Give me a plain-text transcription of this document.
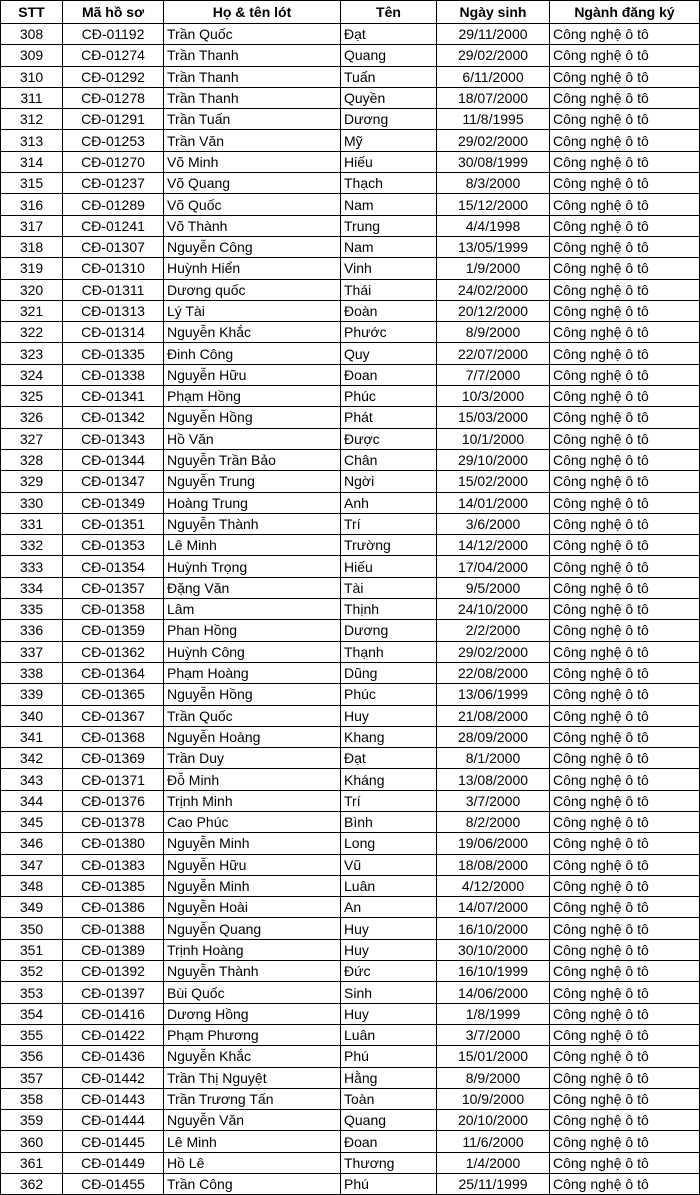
STT	Mã hồ sơ	Họ & tên lót	Tên	Ngày sinh	Ngành đăng ký
308	CĐ-01192	Trần Quốc	Đạt	29/11/2000	Công nghệ ô tô
309	CĐ-01274	Trần Thanh	Quang	29/02/2000	Công nghệ ô tô
310	CĐ-01292	Trần Thanh	Tuấn	6/11/2000	Công nghệ ô tô
311	CĐ-01278	Trần Thanh	Quyền	18/07/2000	Công nghệ ô tô
312	CĐ-01291	Trần Tuấn	Dương	11/8/1995	Công nghệ ô tô
313	CĐ-01253	Trần Văn	Mỹ	29/02/2000	Công nghệ ô tô
314	CĐ-01270	Võ Minh	Hiếu	30/08/1999	Công nghệ ô tô
315	CĐ-01237	Võ Quang	Thạch	8/3/2000	Công nghệ ô tô
316	CĐ-01289	Võ Quốc	Nam	15/12/2000	Công nghệ ô tô
317	CĐ-01241	Võ Thành	Trung	4/4/1998	Công nghệ ô tô
318	CĐ-01307	Nguyễn Công	Nam	13/05/1999	Công nghệ ô tô
319	CĐ-01310	Huỳnh Hiển	Vinh	1/9/2000	Công nghệ ô tô
320	CĐ-01311	Dương quốc	Thái	24/02/2000	Công nghệ ô tô
321	CĐ-01313	Lý Tài	Đoàn	20/12/2000	Công nghệ ô tô
322	CĐ-01314	Nguyễn Khắc	Phước	8/9/2000	Công nghệ ô tô
323	CĐ-01335	Đinh Công	Quy	22/07/2000	Công nghệ ô tô
324	CĐ-01338	Nguyễn Hữu	Đoan	7/7/2000	Công nghệ ô tô
325	CĐ-01341	Phạm Hồng	Phúc	10/3/2000	Công nghệ ô tô
326	CĐ-01342	Nguyễn Hồng	Phát	15/03/2000	Công nghệ ô tô
327	CĐ-01343	Hồ Văn	Được	10/1/2000	Công nghệ ô tô
328	CĐ-01344	Nguyễn Trần Bảo	Chân	29/10/2000	Công nghệ ô tô
329	CĐ-01347	Nguyễn Trung	Ngời	15/02/2000	Công nghệ ô tô
330	CĐ-01349	Hoàng Trung	Anh	14/01/2000	Công nghệ ô tô
331	CĐ-01351	Nguyễn Thành	Trí	3/6/2000	Công nghệ ô tô
332	CĐ-01353	Lê Minh	Trường	14/12/2000	Công nghệ ô tô
333	CĐ-01354	Huỳnh Trọng	Hiếu	17/04/2000	Công nghệ ô tô
334	CĐ-01357	Đặng Văn	Tài	9/5/2000	Công nghệ ô tô
335	CĐ-01358	Lâm	Thịnh	24/10/2000	Công nghệ ô tô
336	CĐ-01359	Phan Hồng	Dương	2/2/2000	Công nghệ ô tô
337	CĐ-01362	Huỳnh Công	Thạnh	29/02/2000	Công nghệ ô tô
338	CĐ-01364	Phạm Hoàng	Dũng	22/08/2000	Công nghệ ô tô
339	CĐ-01365	Nguyễn Hồng	Phúc	13/06/1999	Công nghệ ô tô
340	CĐ-01367	Trần Quốc	Huy	21/08/2000	Công nghệ ô tô
341	CĐ-01368	Nguyễn Hoàng	Khang	28/09/2000	Công nghệ ô tô
342	CĐ-01369	Trần Duy	Đạt	8/1/2000	Công nghệ ô tô
343	CĐ-01371	Đỗ Minh	Kháng	13/08/2000	Công nghệ ô tô
344	CĐ-01376	Trịnh Minh	Trí	3/7/2000	Công nghệ ô tô
345	CĐ-01378	Cao Phúc	Bình	8/2/2000	Công nghệ ô tô
346	CĐ-01380	Nguyễn Minh	Long	19/06/2000	Công nghệ ô tô
347	CĐ-01383	Nguyễn Hữu	Vũ	18/08/2000	Công nghệ ô tô
348	CĐ-01385	Nguyễn Minh	Luân	4/12/2000	Công nghệ ô tô
349	CĐ-01386	Nguyễn Hoài	An	14/07/2000	Công nghệ ô tô
350	CĐ-01388	Nguyễn Quang	Huy	16/10/2000	Công nghệ ô tô
351	CĐ-01389	Trịnh Hoàng	Huy	30/10/2000	Công nghệ ô tô
352	CĐ-01392	Nguyễn Thành	Đức	16/10/1999	Công nghệ ô tô
353	CĐ-01397	Bùi Quốc	Sinh	14/06/2000	Công nghệ ô tô
354	CĐ-01416	Dương Hồng	Huy	1/8/1999	Công nghệ ô tô
355	CĐ-01422	Phạm Phương	Luân	3/7/2000	Công nghệ ô tô
356	CĐ-01436	Nguyễn Khắc	Phú	15/01/2000	Công nghệ ô tô
357	CĐ-01442	Trần Thị Nguyệt	Hằng	8/9/2000	Công nghệ ô tô
358	CĐ-01443	Trần Trương Tấn	Toàn	10/9/2000	Công nghệ ô tô
359	CĐ-01444	Nguyễn Văn	Quang	20/10/2000	Công nghệ ô tô
360	CĐ-01445	Lê Minh	Đoan	11/6/2000	Công nghệ ô tô
361	CĐ-01449	Hồ Lê	Thương	1/4/2000	Công nghệ ô tô
362	CĐ-01455	Trần Công	Phú	25/11/1999	Công nghệ ô tô
